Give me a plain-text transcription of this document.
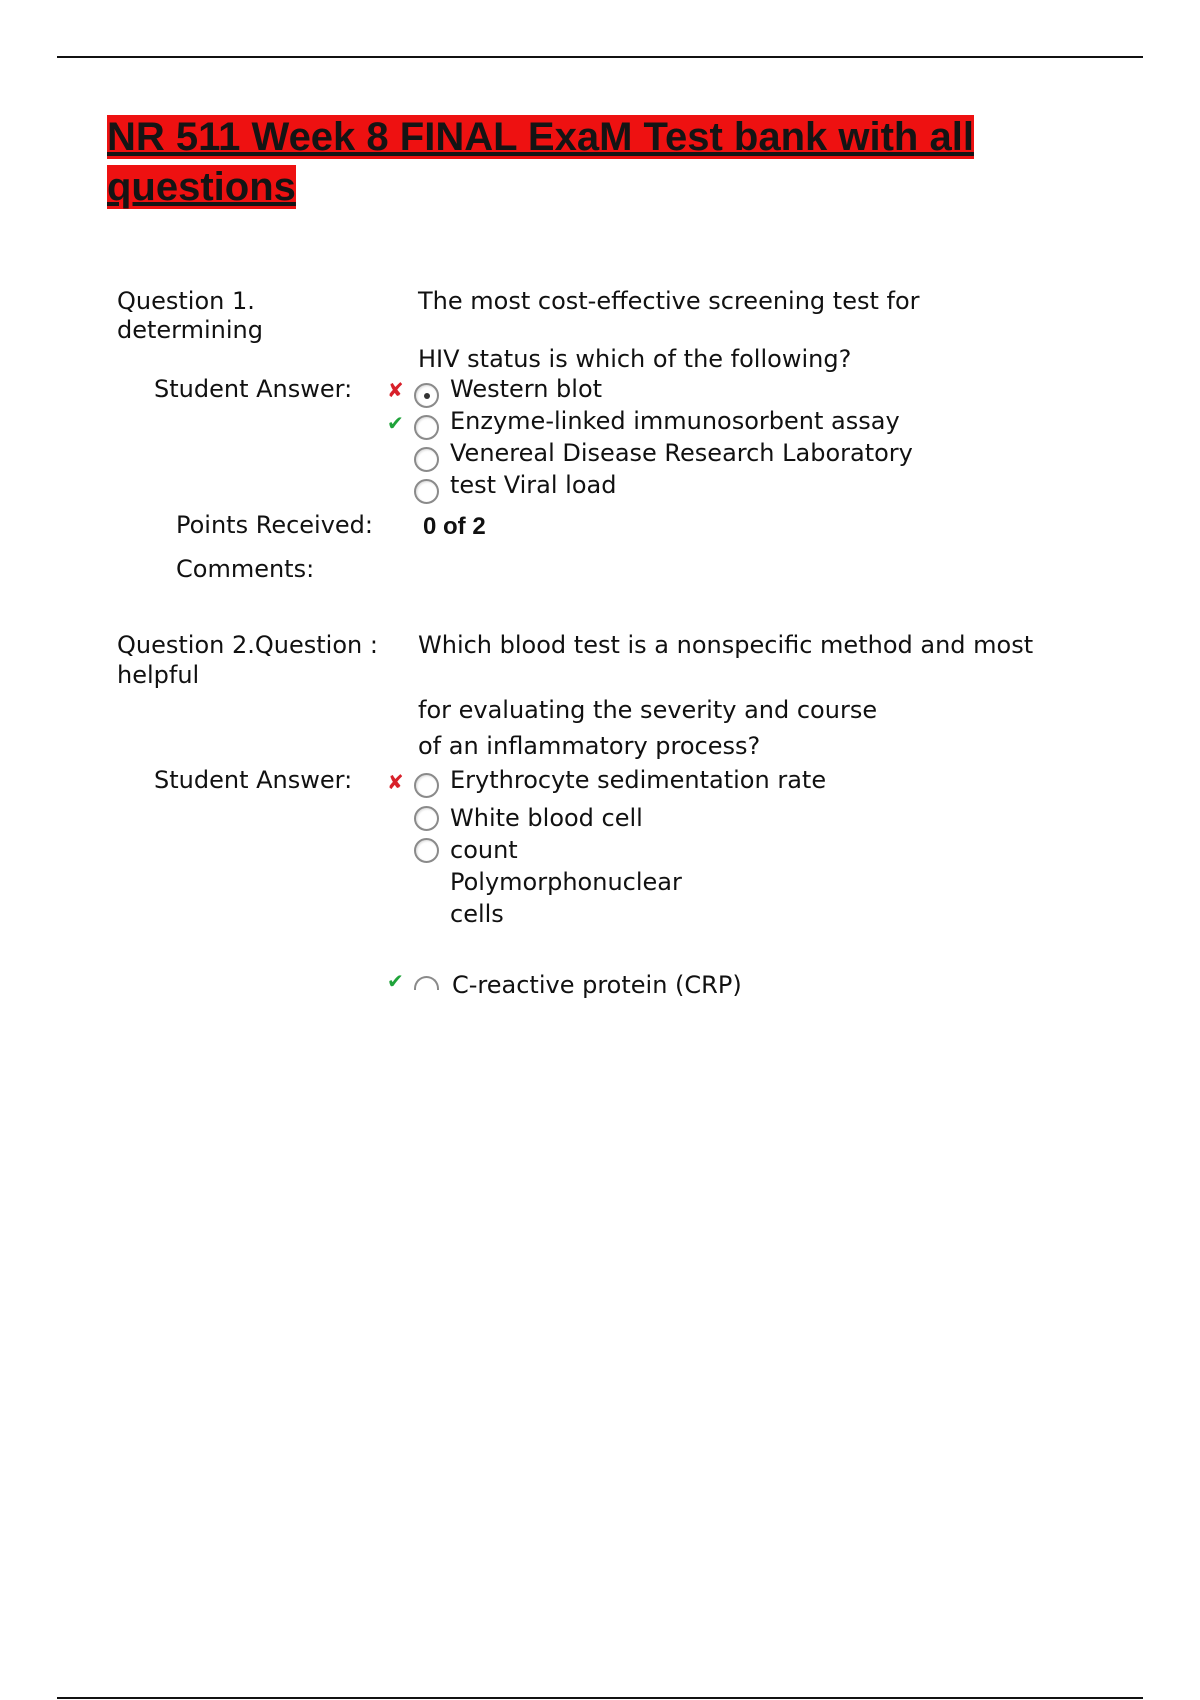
NR 511 Week 8 FINAL ExaM Test bank with all questions

Question 1.

determining

The most cost-effective screening test for

HIV status is which of the following?

Student Answer: ✘ Western blot

✔ Enzyme-linked immunosorbent assay

Venereal Disease Research Laboratory

test Viral load

Points Received: 0 of 2

Comments:

Question 2.Question :

helpful

Which blood test is a nonspecific method and most

for evaluating the severity and course

of an inflammatory process?

Student Answer: ✘ Erythrocyte sedimentation rate

White blood cell

count

Polymorphonuclear

cells

✔ C-reactive protein (CRP)
